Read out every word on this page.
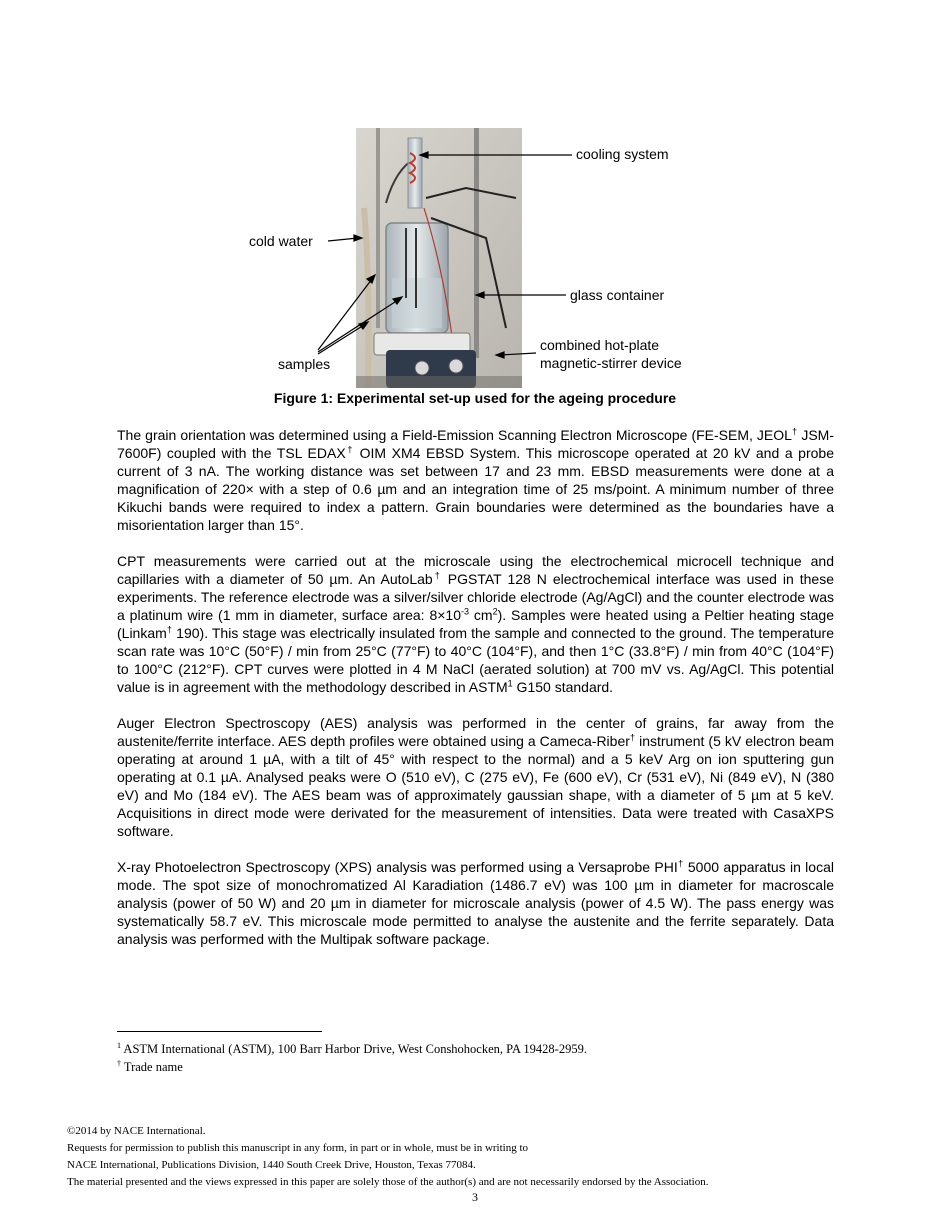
cooling system
cold water
glass container
combined hot-plate
magnetic-stirrer device
samples
Figure 1: Experimental set-up used for the ageing procedure

The grain orientation was determined using a Field-Emission Scanning Electron Microscope (FE-SEM, JEOL† JSM-7600F) coupled with the TSL EDAX† OIM XM4 EBSD System. This microscope operated at 20 kV and a probe current of 3 nA. The working distance was set between 17 and 23 mm. EBSD measurements were done at a magnification of 220× with a step of 0.6 µm and an integration time of 25 ms/point. A minimum number of three Kikuchi bands were required to index a pattern. Grain boundaries were determined as the boundaries have a misorientation larger than 15°.

CPT measurements were carried out at the microscale using the electrochemical microcell technique and capillaries with a diameter of 50 µm. An AutoLab† PGSTAT 128 N electrochemical interface was used in these experiments. The reference electrode was a silver/silver chloride electrode (Ag/AgCl) and the counter electrode was a platinum wire (1 mm in diameter, surface area: $8\times 10^{-3}$ $cm^2$). Samples were heated using a Peltier heating stage (Linkam† 190). This stage was electrically insulated from the sample and connected to the ground. The temperature scan rate was 10°C (50°F) / min from 25°C (77°F) to 40°C (104°F), and then 1°C (33.8°F) / min from 40°C (104°F) to 100°C (212°F). CPT curves were plotted in 4 M NaCl (aerated solution) at 700 mV vs. Ag/AgCl. This potential value is in agreement with the methodology described in ASTM$^1$ G150 standard.

Auger Electron Spectroscopy (AES) analysis was performed in the center of grains, far away from the austenite/ferrite interface. AES depth profiles were obtained using a Cameca-Riber† instrument (5 kV electron beam operating at around 1 µA, with a tilt of 45° with respect to the normal) and a 5 keV Arg on ion sputtering gun operating at 0.1 µA. Analysed peaks were O (510 eV), C (275 eV), Fe (600 eV), Cr (531 eV), Ni (849 eV), N (380 eV) and Mo (184 eV). The AES beam was of approximately gaussian shape, with a diameter of 5 µm at 5 keV. Acquisitions in direct mode were derivated for the measurement of intensities. Data were treated with CasaXPS software.

X-ray Photoelectron Spectroscopy (XPS) analysis was performed using a Versaprobe PHI† 5000 apparatus in local mode. The spot size of monochromatized Al Karadiation (1486.7 eV) was 100 µm in diameter for macroscale analysis (power of 50 W) and 20 µm in diameter for microscale analysis (power of 4.5 W). The pass energy was systematically 58.7 eV. This microscale mode permitted to analyse the austenite and the ferrite separately. Data analysis was performed with the Multipak software package.

$^1$ ASTM International (ASTM), 100 Barr Harbor Drive, West Conshohocken, PA 19428-2959.
† Trade name
©2014 by NACE International.
Requests for permission to publish this manuscript in any form, in part or in whole, must be in writing to
NACE International, Publications Division, 1440 South Creek Drive, Houston, Texas 77084.
The material presented and the views expressed in this paper are solely those of the author(s) and are not necessarily endorsed by the Association.
3
